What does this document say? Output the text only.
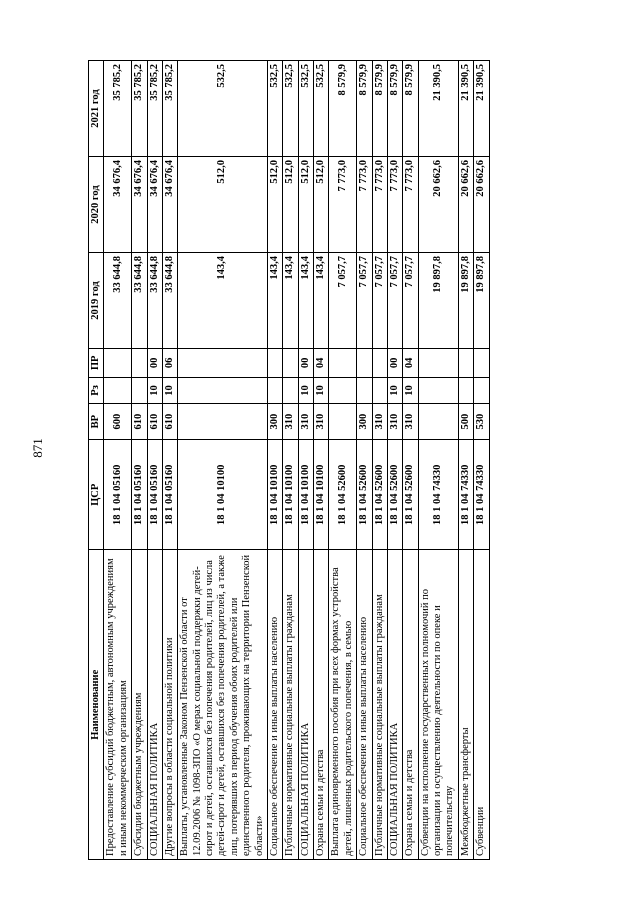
871
Наименование	ЦСР	ВР	Рз	ПР	2019 год	2020 год	2021 год
Предоставление субсидий бюджетным, автономным учреждениям и иным некоммерческим организациям	18 1 04 05160	600			33 644,8	34 676,4	35 785,2
Субсидии бюджетным учреждениям	18 1 04 05160	610			33 644,8	34 676,4	35 785,2
СОЦИАЛЬНАЯ ПОЛИТИКА	18 1 04 05160	610	10	00	33 644,8	34 676,4	35 785,2
Другие вопросы в области социальной политики	18 1 04 05160	610	10	06	33 644,8	34 676,4	35 785,2
Выплаты, установленные Законом Пензенской области от 12.09.2006 № 1098-ЗПО «О мерах социальной поддержки детей-сирот и детей, оставшихся без попечения родителей, лиц из числа детей-сирот и детей, оставшихся без попечения родителей, а также лиц, потерявших в период обучения обоих родителей или единственного родителя, проживающих на территории Пензенской области»	18 1 04 10100				143,4	512,0	532,5
Социальное обеспечение и иные выплаты населению	18 1 04 10100	300			143,4	512,0	532,5
Публичные нормативные социальные выплаты гражданам	18 1 04 10100	310			143,4	512,0	532,5
СОЦИАЛЬНАЯ ПОЛИТИКА	18 1 04 10100	310	10	00	143,4	512,0	532,5
Охрана семьи и детства	18 1 04 10100	310	10	04	143,4	512,0	532,5
Выплата единовременного пособия при всех формах устройства детей, лишенных родительского попечения, в семью	18 1 04 52600				7 057,7	7 773,0	8 579,9
Социальное обеспечение и иные выплаты населению	18 1 04 52600	300			7 057,7	7 773,0	8 579,9
Публичные нормативные социальные выплаты гражданам	18 1 04 52600	310			7 057,7	7 773,0	8 579,9
СОЦИАЛЬНАЯ ПОЛИТИКА	18 1 04 52600	310	10	00	7 057,7	7 773,0	8 579,9
Охрана семьи и детства	18 1 04 52600	310	10	04	7 057,7	7 773,0	8 579,9
Субвенции на исполнение государственных полномочий по организации и осуществлению деятельности по опеке и попечительству	18 1 04 74330				19 897,8	20 662,6	21 390,5
Межбюджетные трансферты	18 1 04 74330	500			19 897,8	20 662,6	21 390,5
Субвенции	18 1 04 74330	530			19 897,8	20 662,6	21 390,5
